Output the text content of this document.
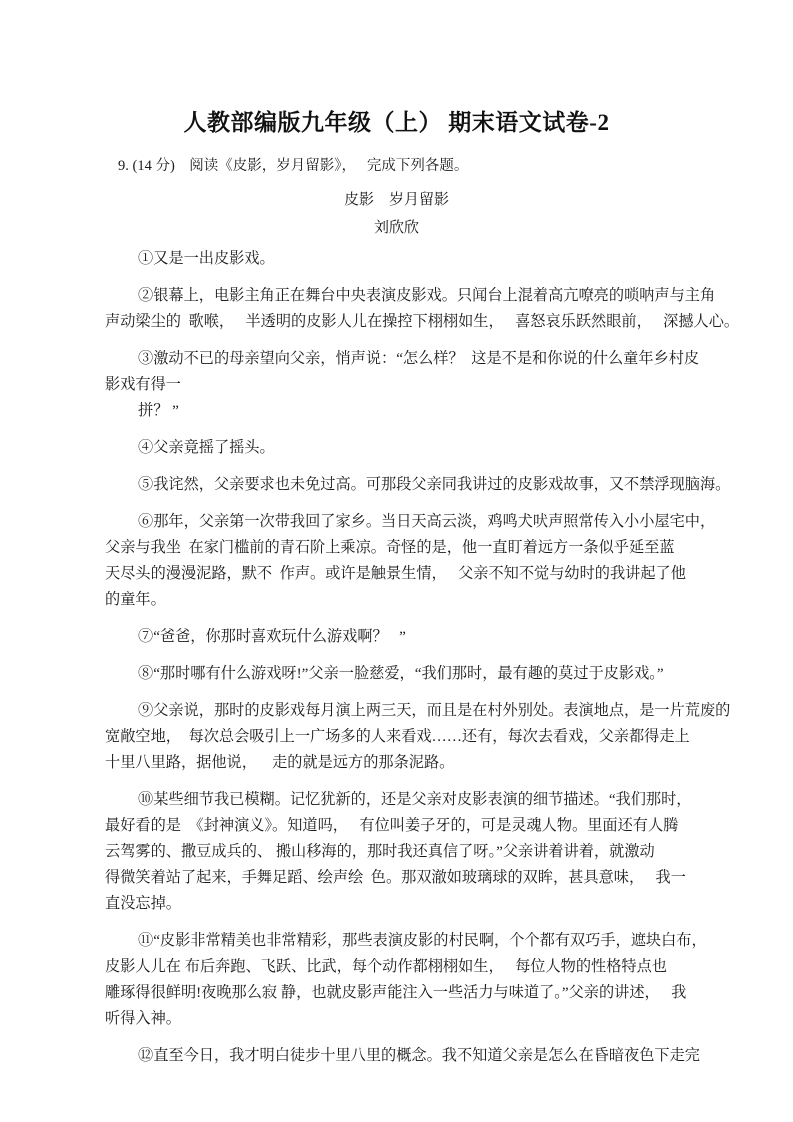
人教部编版九年级（上） 期末语文试卷-2
9. (14 分)    阅读《皮影，岁月留影》，   完成下列各题。
皮影    岁月留影
刘欣欣

①又是一出皮影戏。

②银幕上，电影主角正在舞台中央表演皮影戏。只闻台上混着高亢嘹亮的唢呐声与主角
声动梁尘的  歌喉，   半透明的皮影人儿在操控下栩栩如生，   喜怒哀乐跃然眼前，   深撼人心。

③激动不已的母亲望向父亲，悄声说：“怎么样？  这是不是和你说的什么童年乡村皮
影戏有得一
拼？ ”

④父亲竟摇了摇头。

⑤我诧然，父亲要求也未免过高。可那段父亲同我讲过的皮影戏故事，又不禁浮现脑海。

⑥那年，父亲第一次带我回了家乡。当日天高云淡，鸡鸣犬吠声照常传入小小屋宅中，
父亲与我坐  在家门槛前的青石阶上乘凉。奇怪的是，他一直盯着远方一条似乎延至蓝
天尽头的漫漫泥路，默不  作声。或许是触景生情，   父亲不知不觉与幼时的我讲起了他
的童年。

⑦“爸爸，你那时喜欢玩什么游戏啊？   ”

⑧“那时哪有什么游戏呀!”父亲一脸慈爱，“我们那时，最有趣的莫过于皮影戏。”

⑨父亲说，那时的皮影戏每月演上两三天，而且是在村外别处。表演地点，是一片荒废的
宽敞空地，  每次总会吸引上一广场多的人来看戏……还有，每次去看戏，父亲都得走上
十里八里路，据他说，    走的就是远方的那条泥路。

⑩某些细节我已模糊。记忆犹新的，还是父亲对皮影表演的细节描述。“我们那时，
最好看的是  《封神演义》。知道吗，   有位叫姜子牙的，可是灵魂人物。里面还有人腾
云驾雾的、撒豆成兵的、 搬山移海的，那时我还真信了呀。”父亲讲着讲着，就激动
得微笑着站了起来，手舞足蹈、绘声绘  色。那双澈如玻璃球的双眸，甚具意味，   我一
直没忘掉。

⑪“皮影非常精美也非常精彩，那些表演皮影的村民啊，个个都有双巧手，遮块白布，
皮影人儿在 布后奔跑、飞跃、比武，每个动作都栩栩如生，   每位人物的性格特点也
雕琢得很鲜明!夜晚那么寂 静，也就皮影声能注入一些活力与味道了。”父亲的讲述，   我
听得入神。

⑫直至今日，我才明白徒步十里八里的概念。我不知道父亲是怎么在昏暗夜色下走完
